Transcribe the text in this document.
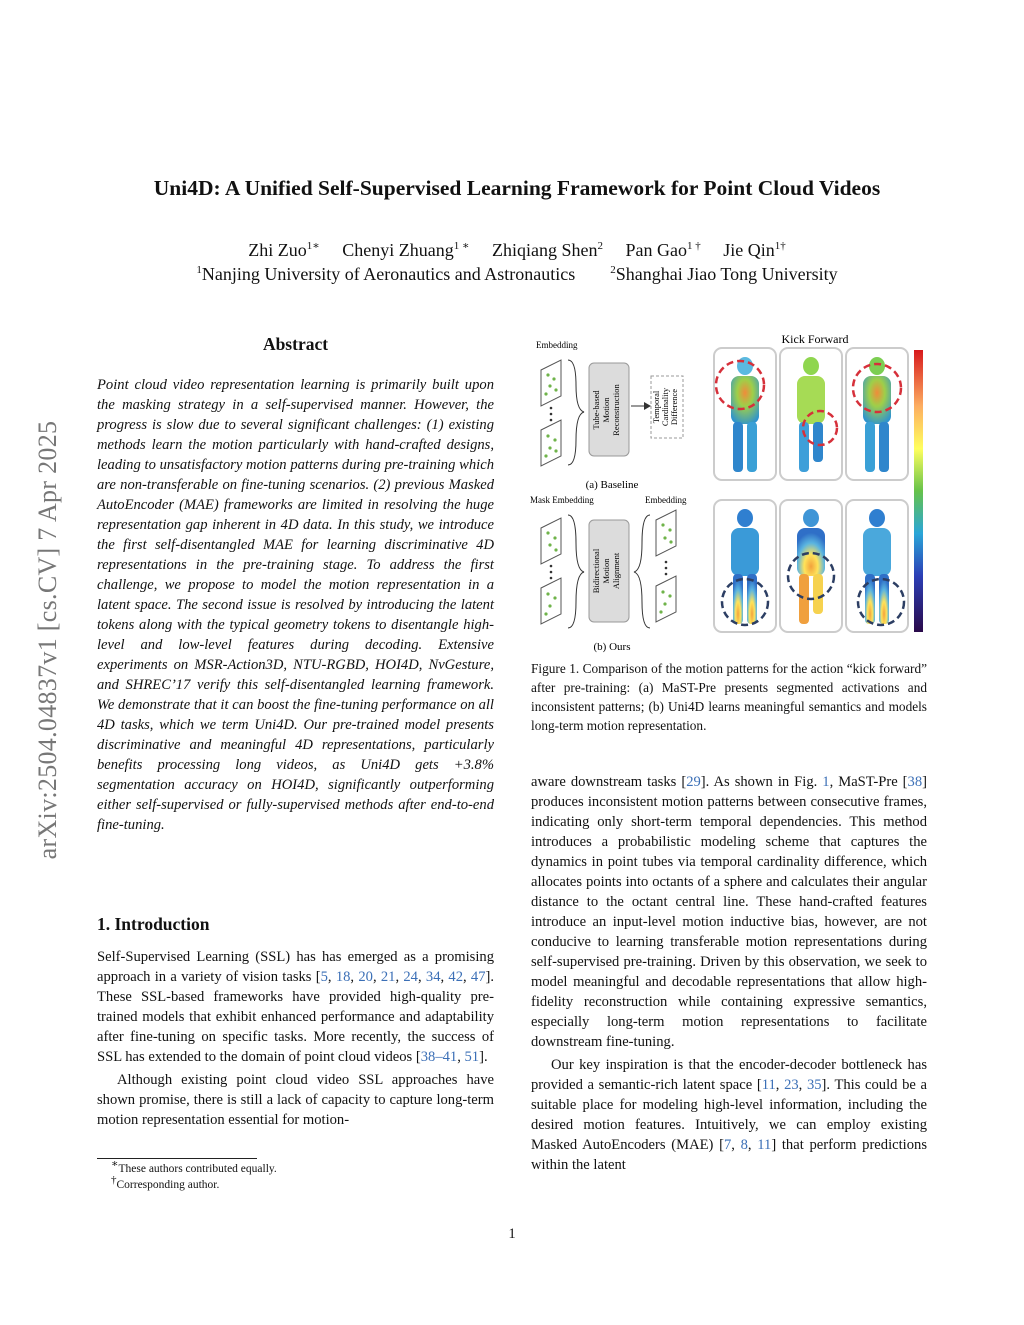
arXiv:2504.04837v1 [cs.CV] 7 Apr 2025
Uni4D: A Unified Self-Supervised Learning Framework for Point Cloud Videos
Zhi Zuo$^{1∗}$ Chenyi Zhuang$^{1 ∗}$ Zhiqiang Shen$^2$ Pan Gao$^{1 \dagger}$ Jie Qin$^{1\dagger}$
$^1$Nanjing University of Aeronautics and Astronautics	$^2$Shanghai Jiao Tong University
Abstract
Point cloud video representation learning is primarily built upon the masking strategy in a self-supervised manner. However, the progress is slow due to several significant challenges: (1) existing methods learn the motion particularly with hand-crafted designs, leading to unsatisfactory motion patterns during pre-training which are non-transferable on fine-tuning scenarios. (2) previous Masked AutoEncoder (MAE) frameworks are limited in resolving the huge representation gap inherent in 4D data. In this study, we introduce the first self-disentangled MAE for learning discriminative 4D representations in the pre-training stage. To address the first challenge, we propose to model the motion representation in a latent space. The second issue is resolved by introducing the latent tokens along with the typical geometry tokens to disentangle high-level and low-level features during decoding. Extensive experiments on MSR-Action3D, NTU-RGBD, HOI4D, NvGesture, and SHREC’17 verify this self-disentangled learning framework. We demonstrate that it can boost the fine-tuning performance on all 4D tasks, which we term Uni4D. Our pre-trained model presents discriminative and meaningful 4D representations, particularly benefits processing long videos, as Uni4D gets +3.8% segmentation accuracy on HOI4D, significantly outperforming either self-supervised or fully-supervised methods after end-to-end fine-tuning.
1. Introduction

Self-Supervised Learning (SSL) has has emerged as a promising approach in a variety of vision tasks [5, 18, 20, 21, 24, 34, 42, 47]. These SSL-based frameworks have provided high-quality pre-trained models that exhibit enhanced performance and adaptability after fine-tuning on specific tasks. More recently, the success of SSL has extended to the domain of point cloud videos [38–41, 51].

Although existing point cloud video SSL approaches have shown promise, there is still a lack of capacity to capture long-term motion representation essential for motion-

∗These authors contributed equally.
†Corresponding author.
1
Kick Forward
Embedding
Tube-based Motion Reconstruction	Temporal Cardinality Difference
(a) Baseline
Mask Embedding	Embedding
Bidirectional Motion Alignment
(b) Ours
Figure 1. Comparison of the motion patterns for the action “kick forward” after pre-training: (a) MaST-Pre presents segmented activations and inconsistent patterns; (b) Uni4D learns meaningful semantics and models long-term motion representation.

aware downstream tasks [29]. As shown in Fig. 1, MaST-Pre [38] produces inconsistent motion patterns between consecutive frames, indicating only short-term temporal dependencies. This method introduces a probabilistic modeling scheme that captures the dynamics in point tubes via temporal cardinality difference, which allocates points into octants of a sphere and calculates their angular distance to the octant central line. These hand-crafted features introduce an input-level motion inductive bias, however, are not conducive to learning transferable motion representations during self-supervised pre-training. Driven by this observation, we seek to model meaningful and decodable representations that allow high-fidelity reconstruction while containing expressive semantics, especially long-term motion representations to facilitate downstream fine-tuning.

Our key inspiration is that the encoder-decoder bottleneck has provided a semantic-rich latent space [11, 23, 35]. This could be a suitable place for modeling high-level information, including the desired motion features. Intuitively, we can employ existing Masked AutoEncoders (MAE) [7, 8, 11] that perform predictions within the latent
